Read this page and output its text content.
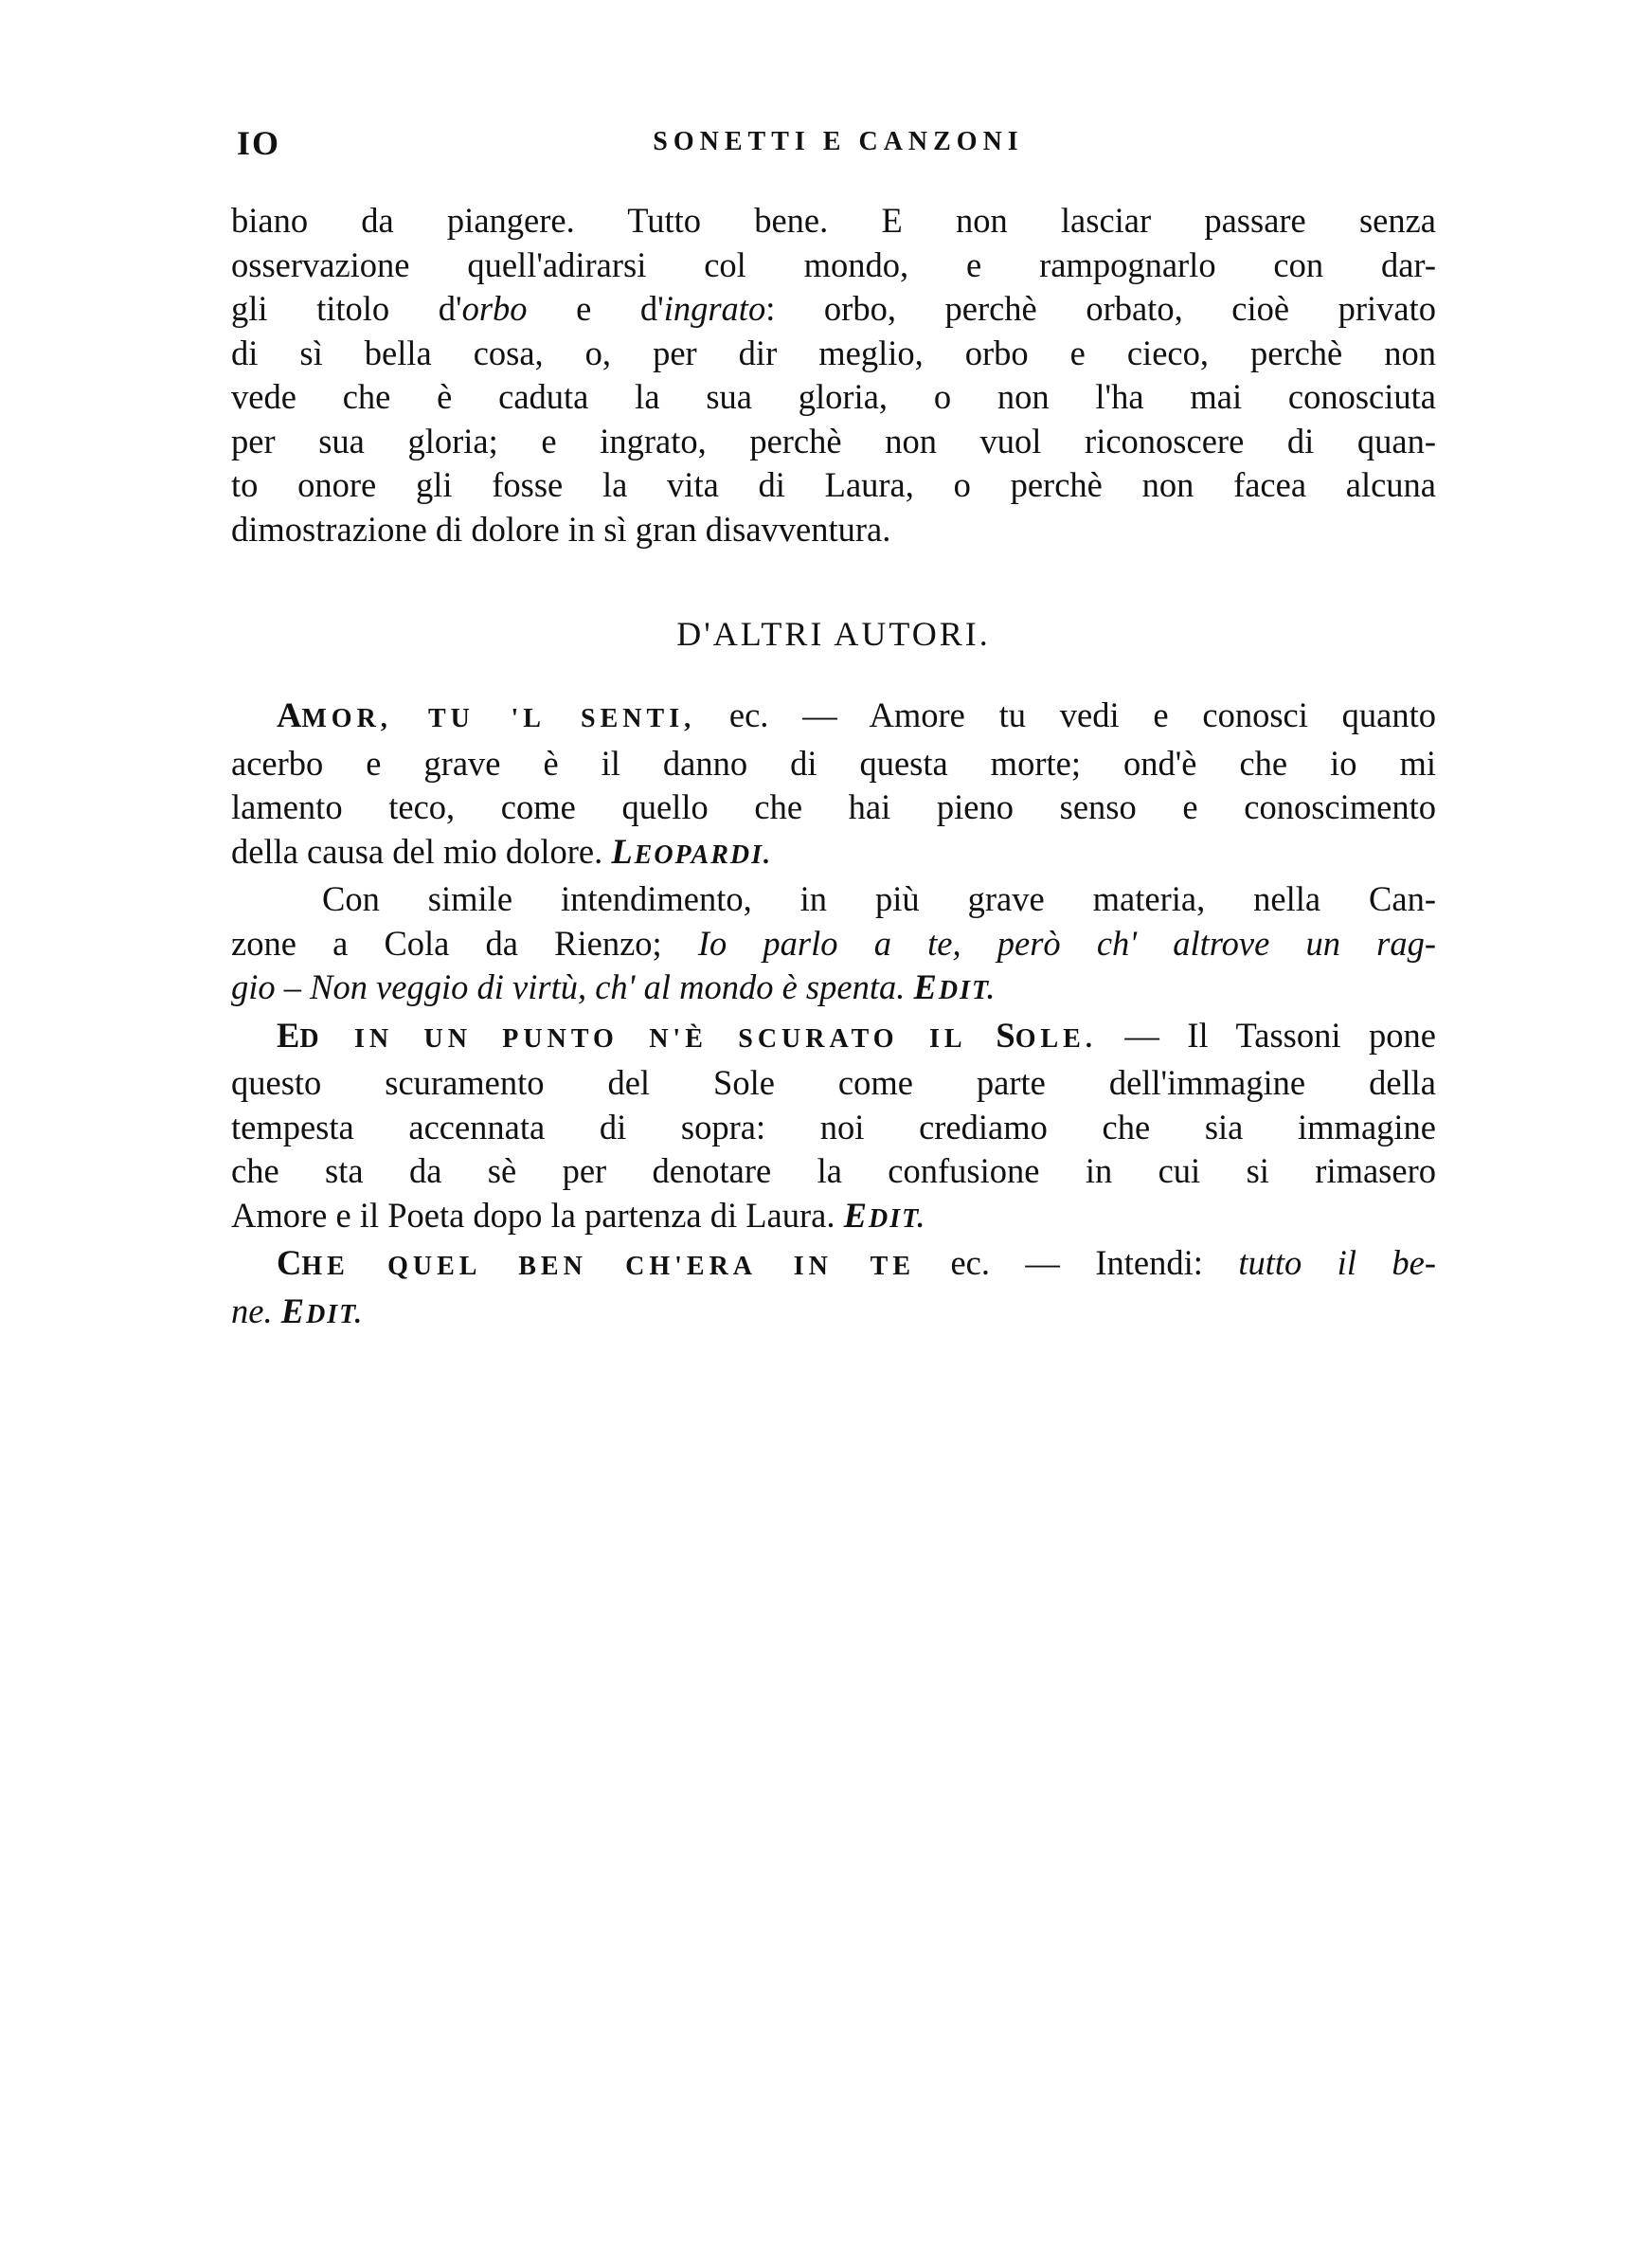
IO	SONETTI E CANZONI
biano da piangere. Tutto bene. E non lasciar passare senza
osservazione quell'adirarsi col mondo, e rampognarlo con dar-
gli titolo d'orbo e d'ingrato: orbo, perchè orbato, cioè privato
di sì bella cosa, o, per dir meglio, orbo e cieco, perchè non
vede che è caduta la sua gloria, o non l'ha mai conosciuta
per sua gloria; e ingrato, perchè non vuol riconoscere di quan-
to onore gli fosse la vita di Laura, o perchè non facea alcuna
dimostrazione di dolore in sì gran disavventura.
D'ALTRI AUTORI.
AMOR, TU 'L SENTI, ec. — Amore tu vedi e conosci quanto
acerbo e grave è il danno di questa morte; ond'è che io mi
lamento teco, come quello che hai pieno senso e conoscimento
della causa del mio dolore. LEOPARDI.
Con simile intendimento, in più grave materia, nella Can-
zone a Cola da Rienzo; Io parlo a te, però ch' altrove un rag-
gio – Non veggio di virtù, ch' al mondo è spenta. EDIT.
ED IN UN PUNTO N'È SCURATO IL SOLE. — Il Tassoni pone
questo scuramento del Sole come parte dell'immagine della
tempesta accennata di sopra: noi crediamo che sia immagine
che sta da sè per denotare la confusione in cui si rimasero
Amore e il Poeta dopo la partenza di Laura. EDIT.
CHE QUEL BEN CH'ERA IN TE ec. — Intendi: tutto il be-
ne. EDIT.
